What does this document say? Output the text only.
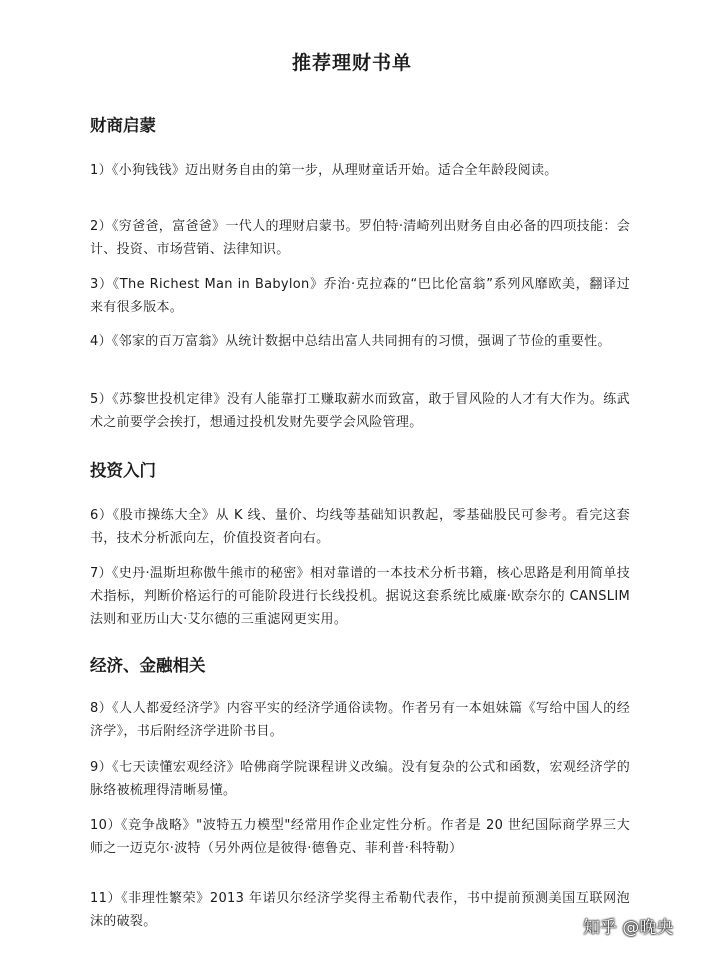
推荐理财书单
财商启蒙
1）《小狗钱钱》迈出财务自由的第一步，从理财童话开始。适合全年龄段阅读。
2）《穷爸爸，富爸爸》一代人的理财启蒙书。罗伯特·清崎列出财务自由必备的四项技能：会计、投资、市场营销、法律知识。
3）《The Richest Man in Babylon》乔治·克拉森的“巴比伦富翁”系列风靡欧美，翻译过来有很多版本。
4）《邻家的百万富翁》从统计数据中总结出富人共同拥有的习惯，强调了节俭的重要性。
5）《苏黎世投机定律》没有人能靠打工赚取薪水而致富，敢于冒风险的人才有大作为。练武术之前要学会挨打，想通过投机发财先要学会风险管理。
投资入门
6）《股市操练大全》从 K 线、量价、均线等基础知识教起，零基础股民可参考。看完这套书，技术分析派向左，价值投资者向右。
7）《史丹·温斯坦称傲牛熊市的秘密》相对靠谱的一本技术分析书籍，核心思路是利用简单技术指标，判断价格运行的可能阶段进行长线投机。据说这套系统比威廉·欧奈尔的 CANSLIM 法则和亚历山大·艾尔德的三重滤网更实用。
经济、金融相关
8）《人人都爱经济学》内容平实的经济学通俗读物。作者另有一本姐妹篇《写给中国人的经济学》，书后附经济学进阶书目。
9）《七天读懂宏观经济》哈佛商学院课程讲义改编。没有复杂的公式和函数，宏观经济学的脉络被梳理得清晰易懂。
10）《竞争战略》"波特五力模型"经常用作企业定性分析。作者是 20 世纪国际商学界三大师之一迈克尔·波特（另外两位是彼得·德鲁克、菲利普·科特勒）
11）《非理性繁荣》2013 年诺贝尔经济学奖得主希勒代表作，书中提前预测美国互联网泡沫的破裂。	知乎 @晚央
